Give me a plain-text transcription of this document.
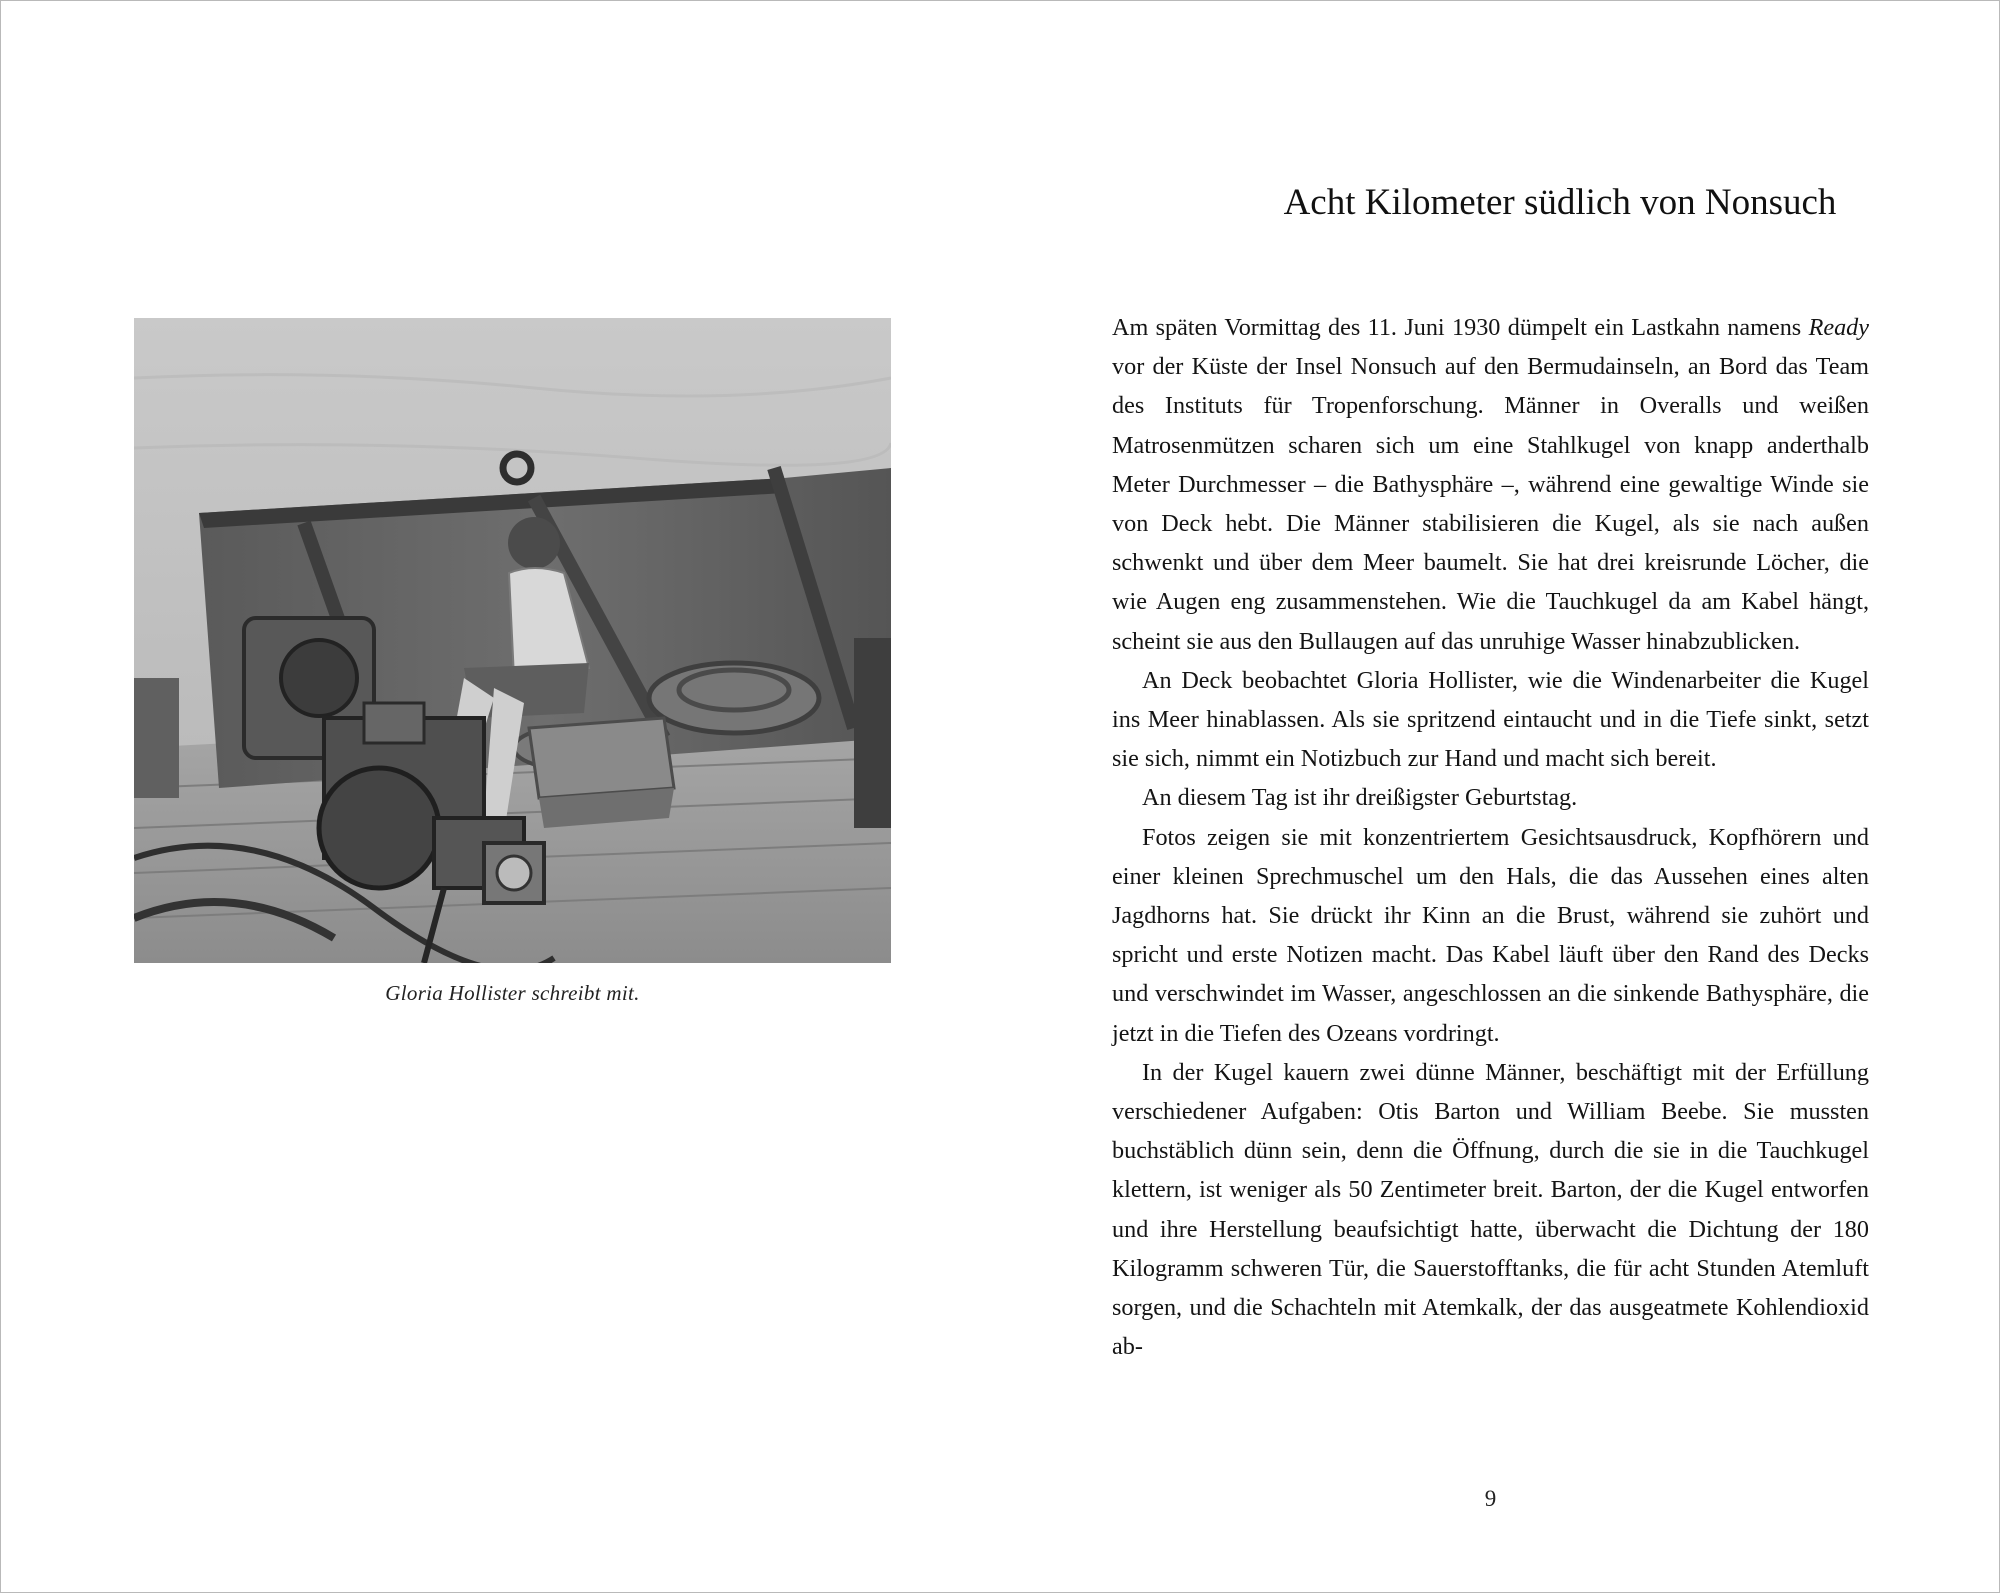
Gloria Hollister schreibt mit.
Acht Kilometer südlich von Nonsuch

Am späten Vormittag des 11. Juni 1930 dümpelt ein Lastkahn namens Ready vor der Küste der Insel Nonsuch auf den Bermudainseln, an Bord das Team des Instituts für Tropenforschung. Männer in Overalls und weißen Matrosenmützen scharen sich um eine Stahlkugel von knapp anderthalb Meter Durchmesser – die Bathysphäre –, während eine gewaltige Winde sie von Deck hebt. Die Männer stabilisieren die Kugel, als sie nach außen schwenkt und über dem Meer baumelt. Sie hat drei kreisrunde Löcher, die wie Augen eng zusammenstehen. Wie die Tauchkugel da am Kabel hängt, scheint sie aus den Bullaugen auf das unruhige Wasser hinabzublicken.

An Deck beobachtet Gloria Hollister, wie die Windenarbeiter die Kugel ins Meer hinablassen. Als sie spritzend eintaucht und in die Tiefe sinkt, setzt sie sich, nimmt ein Notizbuch zur Hand und macht sich bereit.

An diesem Tag ist ihr dreißigster Geburtstag.

Fotos zeigen sie mit konzentriertem Gesichtsausdruck, Kopfhörern und einer kleinen Sprechmuschel um den Hals, die das Aussehen eines alten Jagdhorns hat. Sie drückt ihr Kinn an die Brust, während sie zuhört und spricht und erste Notizen macht. Das Kabel läuft über den Rand des Decks und verschwindet im Wasser, angeschlossen an die sinkende Bathysphäre, die jetzt in die Tiefen des Ozeans vordringt.

In der Kugel kauern zwei dünne Männer, beschäftigt mit der Erfüllung verschiedener Aufgaben: Otis Barton und William Beebe. Sie mussten buchstäblich dünn sein, denn die Öffnung, durch die sie in die Tauchkugel klettern, ist weniger als 50 Zentimeter breit. Barton, der die Kugel entworfen und ihre Herstellung beaufsichtigt hatte, überwacht die Dichtung der 180 Kilogramm schweren Tür, die Sauerstofftanks, die für acht Stunden Atemluft sorgen, und die Schachteln mit Atemkalk, der das ausgeatmete Kohlendioxid ab-

9
